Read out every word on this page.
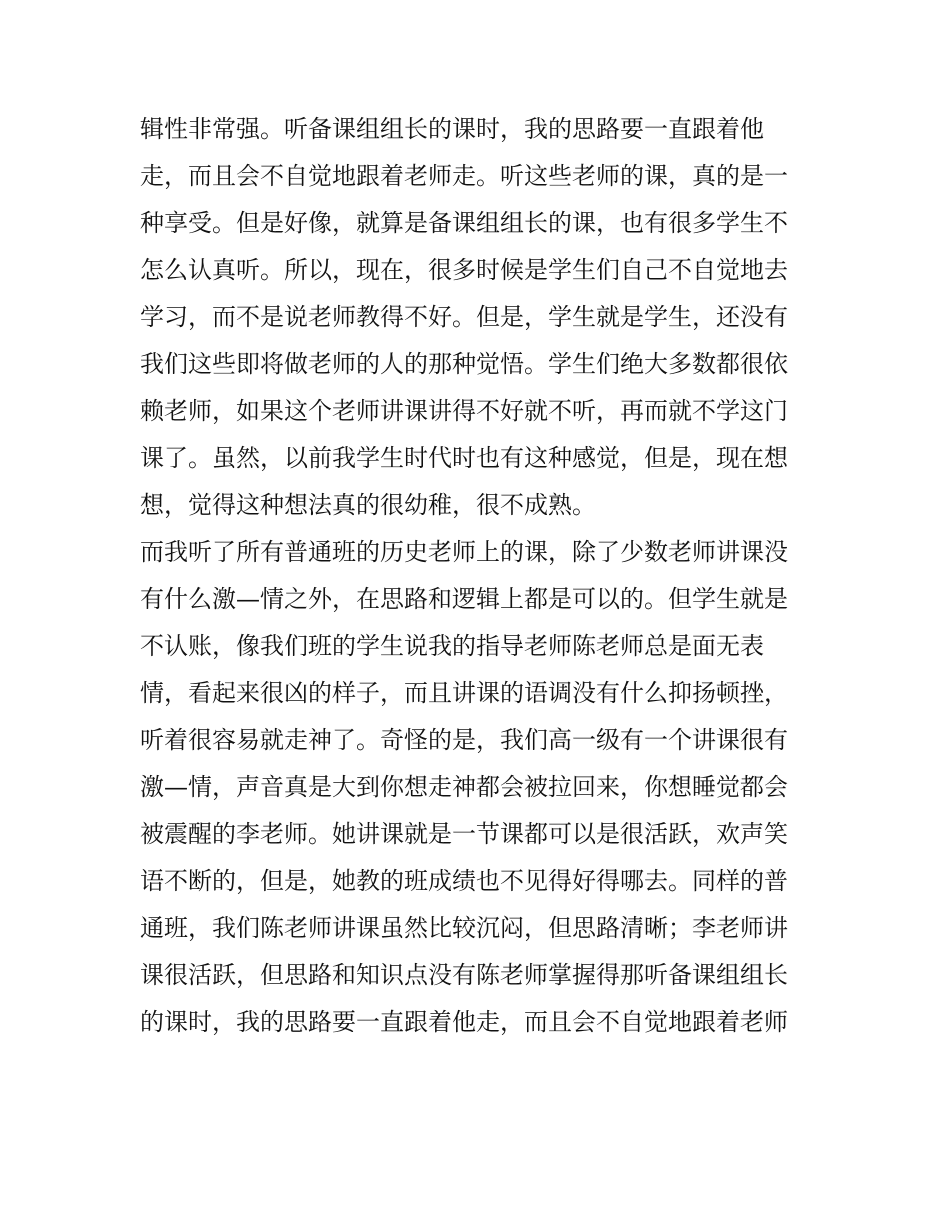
辑性非常强。听备课组组长的课时，我的思路要一直跟着他
走，而且会不自觉地跟着老师走。听这些老师的课，真的是一
种享受。但是好像，就算是备课组组长的课，也有很多学生不
怎么认真听。所以，现在，很多时候是学生们自己不自觉地去
学习，而不是说老师教得不好。但是，学生就是学生，还没有
我们这些即将做老师的人的那种觉悟。学生们绝大多数都很依
赖老师，如果这个老师讲课讲得不好就不听，再而就不学这门
课了。虽然，以前我学生时代时也有这种感觉，但是，现在想
想，觉得这种想法真的很幼稚，很不成熟。
而我听了所有普通班的历史老师上的课，除了少数老师讲课没
有什么激—情之外，在思路和逻辑上都是可以的。但学生就是
不认账，像我们班的学生说我的指导老师陈老师总是面无表
情，看起来很凶的样子，而且讲课的语调没有什么抑扬顿挫，
听着很容易就走神了。奇怪的是，我们高一级有一个讲课很有
激—情，声音真是大到你想走神都会被拉回来，你想睡觉都会
被震醒的李老师。她讲课就是一节课都可以是很活跃，欢声笑
语不断的，但是，她教的班成绩也不见得好得哪去。同样的普
通班，我们陈老师讲课虽然比较沉闷，但思路清晰；李老师讲
课很活跃，但思路和知识点没有陈老师掌握得那听备课组组长
的课时，我的思路要一直跟着他走，而且会不自觉地跟着老师
